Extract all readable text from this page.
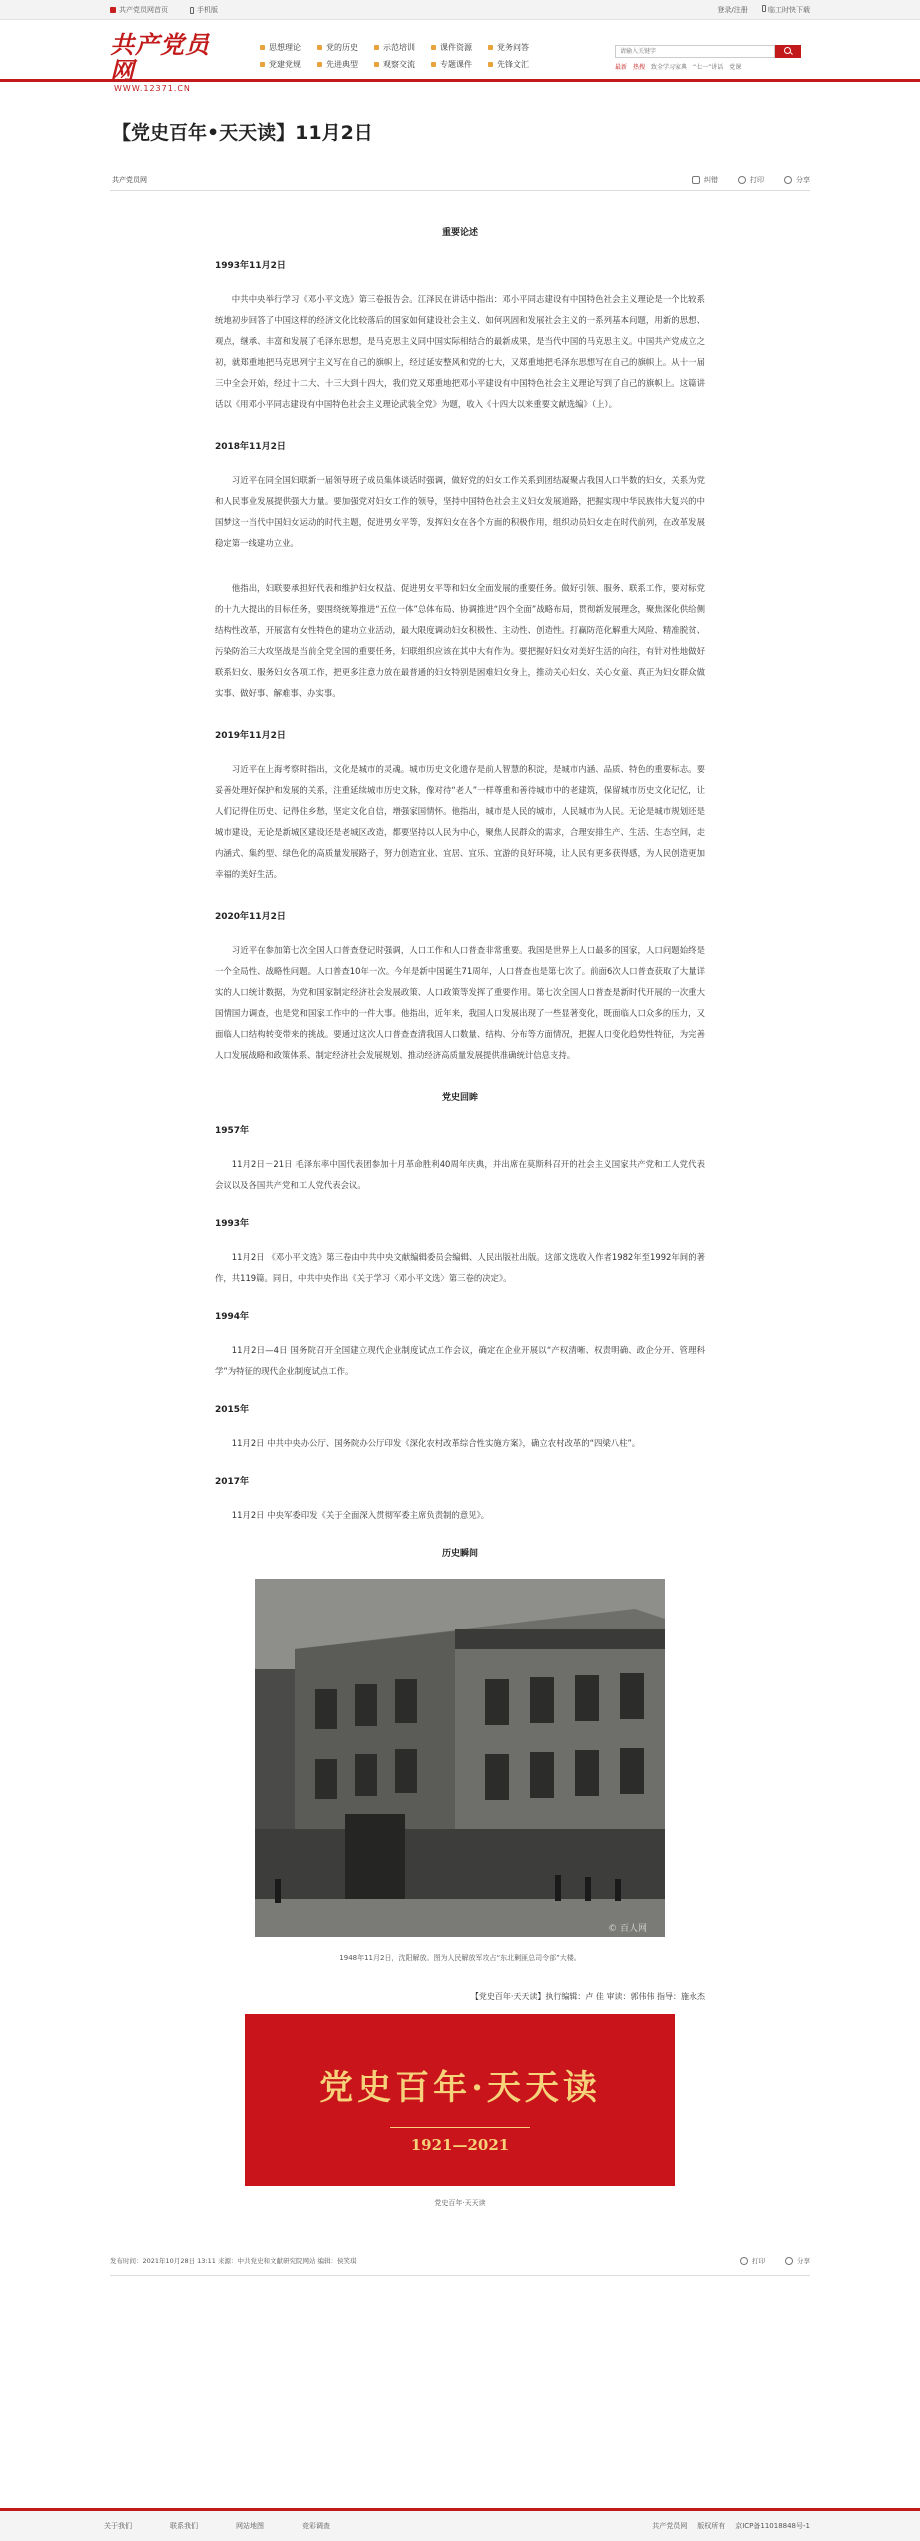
共产党员网首页	手机版	登录/注册	临工时快下载
共产党员网
WWW.12371.CN
思想理论	党的历史	示范培训	课件资源	党务问答
党建党规	先进典型	观察交流	专题课件	先锋文汇
请输入关键字	最新 热搜 致全学习家典 “七一”讲话 党课
【党史百年•天天读】11月2日
共产党员网	纠错	打印	分享
重要论述
1993年11月2日

中共中央举行学习《邓小平文选》第三卷报告会。江泽民在讲话中指出：邓小平同志建设有中国特色社会主义理论是一个比较系统地初步回答了中国这样的经济文化比较落后的国家如何建设社会主义、如何巩固和发展社会主义的一系列基本问题，用新的思想、观点，继承、丰富和发展了毛泽东思想，是马克思主义同中国实际相结合的最新成果，是当代中国的马克思主义。中国共产党成立之初，就郑重地把马克思列宁主义写在自己的旗帜上，经过延安整风和党的七大，又郑重地把毛泽东思想写在自己的旗帜上。从十一届三中全会开始，经过十二大、十三大到十四大，我们党又郑重地把邓小平建设有中国特色社会主义理论写到了自己的旗帜上。这篇讲话以《用邓小平同志建设有中国特色社会主义理论武装全党》为题，收入《十四大以来重要文献选编》（上）。

2018年11月2日

习近平在同全国妇联新一届领导班子成员集体谈话时强调，做好党的妇女工作关系到团结凝聚占我国人口半数的妇女，关系为党和人民事业发展提供强大力量。要加强党对妇女工作的领导，坚持中国特色社会主义妇女发展道路，把握实现中华民族伟大复兴的中国梦这一当代中国妇女运动的时代主题，促进男女平等，发挥妇女在各个方面的积极作用，组织动员妇女走在时代前列，在改革发展稳定第一线建功立业。

他指出，妇联要承担好代表和维护妇女权益、促进男女平等和妇女全面发展的重要任务。做好引领、服务、联系工作，要对标党的十九大提出的目标任务，要围绕统筹推进“五位一体”总体布局、协调推进“四个全面”战略布局，贯彻新发展理念，聚焦深化供给侧结构性改革，开展富有女性特色的建功立业活动，最大限度调动妇女积极性、主动性、创造性。打赢防范化解重大风险、精准脱贫、污染防治三大攻坚战是当前全党全国的重要任务，妇联组织应该在其中大有作为。要把握好妇女对美好生活的向往，有针对性地做好联系妇女、服务妇女各项工作，把更多注意力放在最普通的妇女特别是困难妇女身上，推动关心妇女、关心女童、真正为妇女群众做实事、做好事、解难事、办实事。

2019年11月2日

习近平在上海考察时指出，文化是城市的灵魂。城市历史文化遗存是前人智慧的积淀，是城市内涵、品质、特色的重要标志。要妥善处理好保护和发展的关系，注重延续城市历史文脉，像对待“老人”一样尊重和善待城市中的老建筑，保留城市历史文化记忆，让人们记得住历史、记得住乡愁，坚定文化自信，增强家国情怀。他指出，城市是人民的城市，人民城市为人民。无论是城市规划还是城市建设，无论是新城区建设还是老城区改造，都要坚持以人民为中心，聚焦人民群众的需求，合理安排生产、生活、生态空间，走内涵式、集约型、绿色化的高质量发展路子，努力创造宜业、宜居、宜乐、宜游的良好环境，让人民有更多获得感，为人民创造更加幸福的美好生活。

2020年11月2日

习近平在参加第七次全国人口普查登记时强调，人口工作和人口普查非常重要。我国是世界上人口最多的国家，人口问题始终是一个全局性、战略性问题。人口普查10年一次。今年是新中国诞生71周年，人口普查也是第七次了。前面6次人口普查获取了大量详实的人口统计数据，为党和国家制定经济社会发展政策、人口政策等发挥了重要作用。第七次全国人口普查是新时代开展的一次重大国情国力调查，也是党和国家工作中的一件大事。他指出，近年来，我国人口发展出现了一些显著变化，既面临人口众多的压力，又面临人口结构转变带来的挑战。要通过这次人口普查查清我国人口数量、结构、分布等方面情况，把握人口变化趋势性特征，为完善人口发展战略和政策体系、制定经济社会发展规划、推动经济高质量发展提供准确统计信息支持。

党史回眸
1957年

11月2日－21日 毛泽东率中国代表团参加十月革命胜利40周年庆典，并出席在莫斯科召开的社会主义国家共产党和工人党代表会议以及各国共产党和工人党代表会议。

1993年

11月2日 《邓小平文选》第三卷由中共中央文献编辑委员会编辑、人民出版社出版。这部文选收入作者1982年至1992年间的著作，共119篇。同日，中共中央作出《关于学习〈邓小平文选〉第三卷的决定》。

1994年

11月2日—4日 国务院召开全国建立现代企业制度试点工作会议，确定在企业开展以“产权清晰、权责明确、政企分开、管理科学”为特征的现代企业制度试点工作。

2015年

11月2日 中共中央办公厅、国务院办公厅印发《深化农村改革综合性实施方案》，确立农村改革的“四梁八柱”。

2017年

11月2日 中央军委印发《关于全面深入贯彻军委主席负责制的意见》。

历史瞬间
© 百人网
1948年11月2日，沈阳解放。图为人民解放军攻占“东北剿匪总司令部”大楼。
【党史百年·天天读】执行编辑：卢 佳 审读：郭伟伟 指导：施永杰
党史百年·天天读
1921—2021
党史百年·天天读
发布时间：2021年10月28日 13:11 来源：中共党史和文献研究院网站 编辑：侯笑琪	打印	分享
关于我们	联系我们	网站地图	竞彩调查	共产党员网 版权所有 京ICP备11018848号-1
